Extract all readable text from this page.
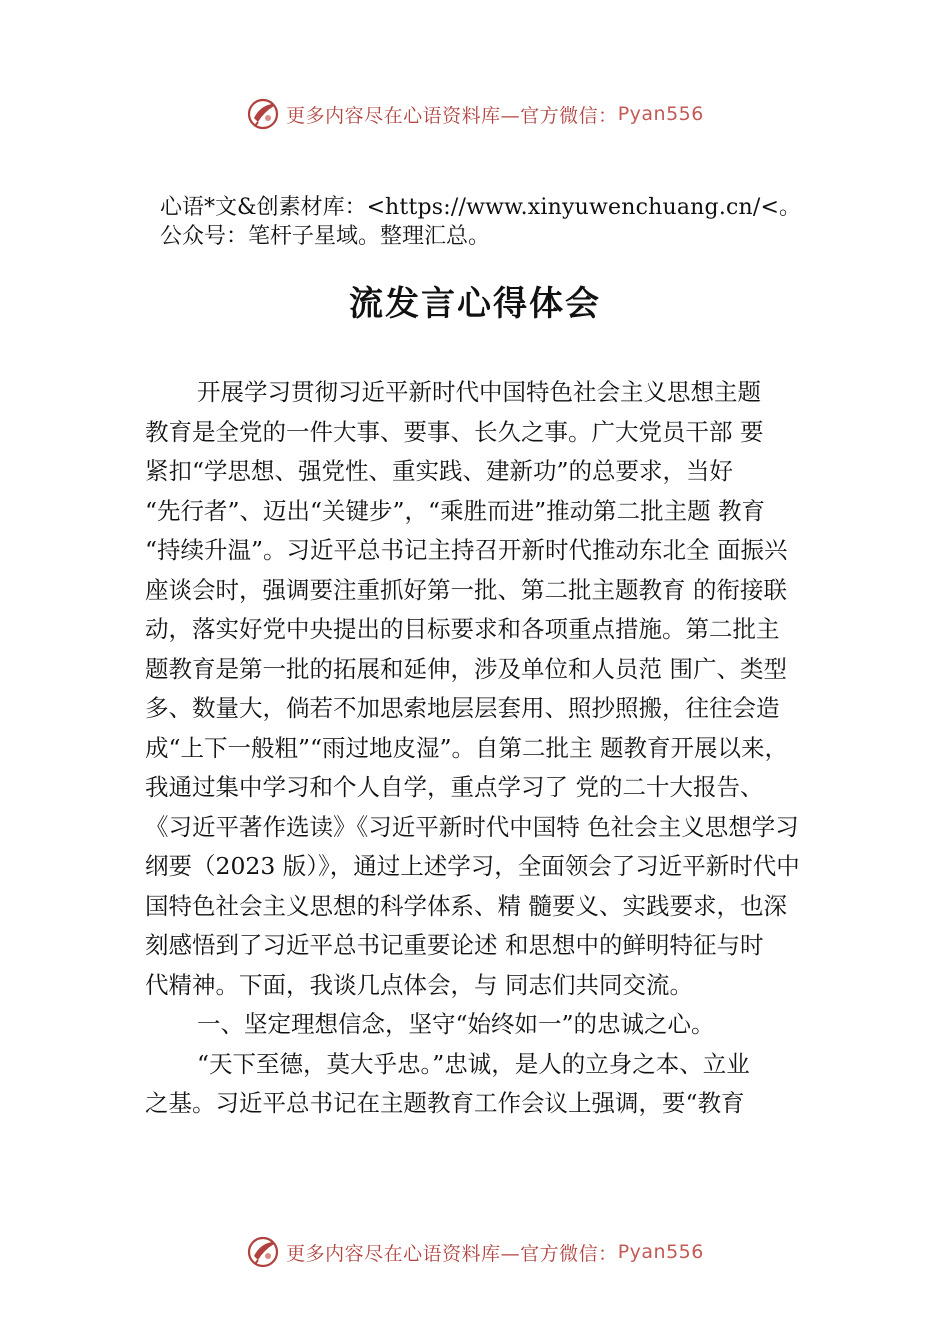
更多内容尽在心语资料库— 官方微信： Pyan556
心语*文&创素材库：<https://www.xinyuwenchuang.cn/<。
公众号：笔杆子星域。整理汇总。
流发言心得体会
开展学习贯彻习近平新时代中国特色社会主义思想主题
教育是全党的一件大事、要事、长久之事。广大党员干部 要
紧扣“学思想、强党性、重实践、建新功”的总要求，当好
“先行者”、迈出“关键步”，“乘胜而进”推动第二批主题 教育
“持续升温”。习近平总书记主持召开新时代推动东北全 面振兴
座谈会时，强调要注重抓好第一批、第二批主题教育 的衔接联
动，落实好党中央提出的目标要求和各项重点措施。第二批主
题教育是第一批的拓展和延伸，涉及单位和人员范 围广、类型
多、数量大，倘若不加思索地层层套用、照抄照搬，往往会造
成“上下一般粗”“雨过地皮湿”。自第二批主 题教育开展以来，
我通过集中学习和个人自学，重点学习了 党的二十大报告、
《习近平著作选读》《习近平新时代中国特 色社会主义思想学习
纲要（2023 版）》，通过上述学习，全面领会了习近平新时代中
国特色社会主义思想的科学体系、精 髓要义、实践要求，也深
刻感悟到了习近平总书记重要论述 和思想中的鲜明特征与时
代精神。下面，我谈几点体会，与 同志们共同交流。
一、坚定理想信念，坚守“始终如一”的忠诚之心。
“天下至德，莫大乎忠。”忠诚，是人的立身之本、立业
之基。习近平总书记在主题教育工作会议上强调，要“教育
更多内容尽在心语资料库— 官方微信： Pyan556
